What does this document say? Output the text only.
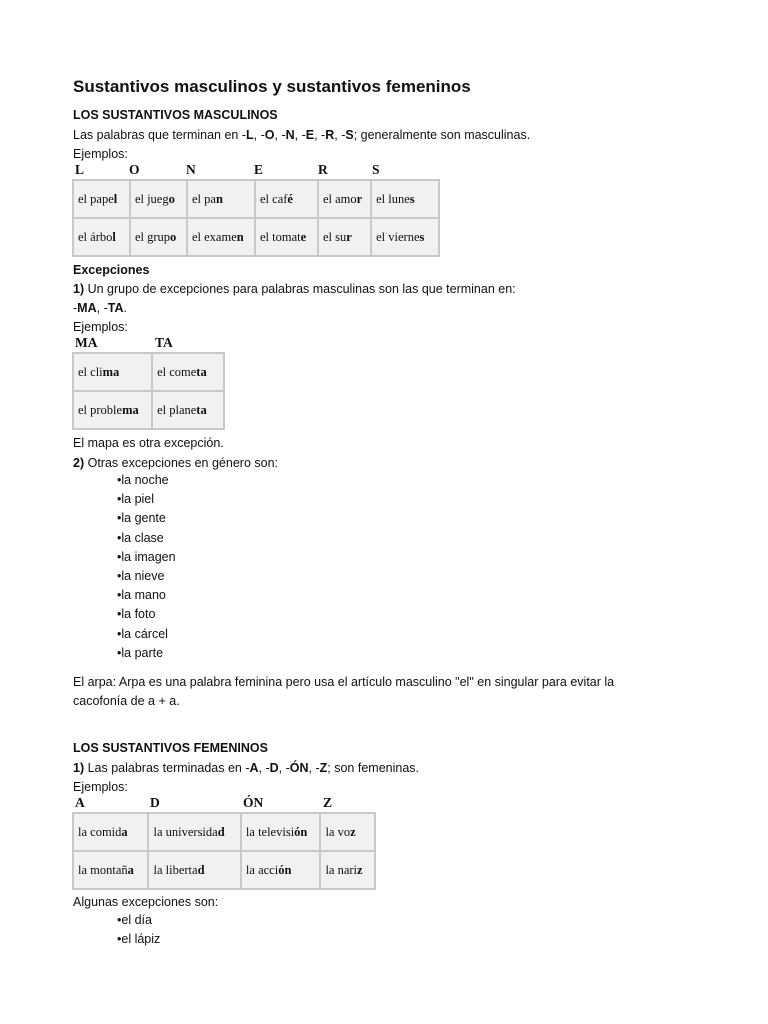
Sustantivos masculinos y sustantivos femeninos
LOS SUSTANTIVOS MASCULINOS
Las palabras que terminan en -L, -O, -N, -E, -R, -S; generalmente son masculinas.
Ejemplos:
L	O	N	E	R	S
el papel	el juego	el pan	el café	el amor	el lunes
el árbol	el grupo	el examen	el tomate	el sur	el viernes
Excepciones
1) Un grupo de excepciones para palabras masculinas son las que terminan en:
-MA, -TA.
Ejemplos:
MA	TA
el clima	el cometa
el problema	el planeta
El mapa es otra excepción.
2) Otras excepciones en género son:
•la noche
•la piel
•la gente
•la clase
•la imagen
•la nieve
•la mano
•la foto
•la cárcel
•la parte
El arpa: Arpa es una palabra feminina pero usa el artículo masculino "el" en singular para evitar la
cacofonía de a + a.
LOS SUSTANTIVOS FEMENINOS
1) Las palabras terminadas en -A, -D, -ÓN, -Z; son femeninas.
Ejemplos:
A	D	ÓN	Z
la comida	la universidad	la televisión	la voz
la montaña	la libertad	la acción	la nariz
Algunas excepciones son:
•el día
•el lápiz
